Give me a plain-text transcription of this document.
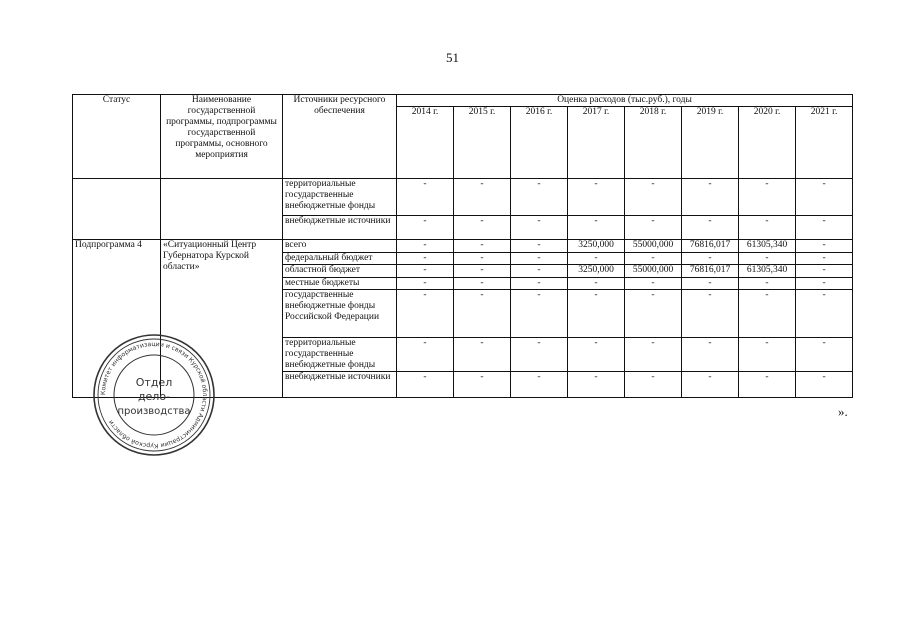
51
Статус	Наименование государственной программы, подпрограммы государственной программы, основного мероприятия	Источники ресурсного обеспечения	Оценка расходов (тыс.руб.), годы							
			2014 г.	2015 г.	2016 г.	2017 г.	2018 г.	2019 г.	2020 г.	2021 г.
		территориальные государственные внебюджетные фонды	-	-	-	-	-	-	-	-
		внебюджетные источники	-	-	-	-	-	-	-	-
Подпрограмма 4	«Ситуационный Центр Губернатора Курской области»	всего	-	-	-	3250,000	55000,000	76816,017	61305,340	-
		федеральный бюджет	-	-	-	-	-	-	-	-
		областной бюджет	-	-	-	3250,000	55000,000	76816,017	61305,340	-
		местные бюджеты	-	-	-	-	-	-	-	-
		государственные внебюджетные фонды Российской Федерации	-	-	-	-	-	-	-	-
		территориальные государственные внебюджетные фонды	-	-	-	-	-	-	-	-
		внебюджетные источники	-	-	-	-	-	-	-	-
».
Комитет информатизации и связи Курской области Администрации Курской области
Отдел
дело-
производства
